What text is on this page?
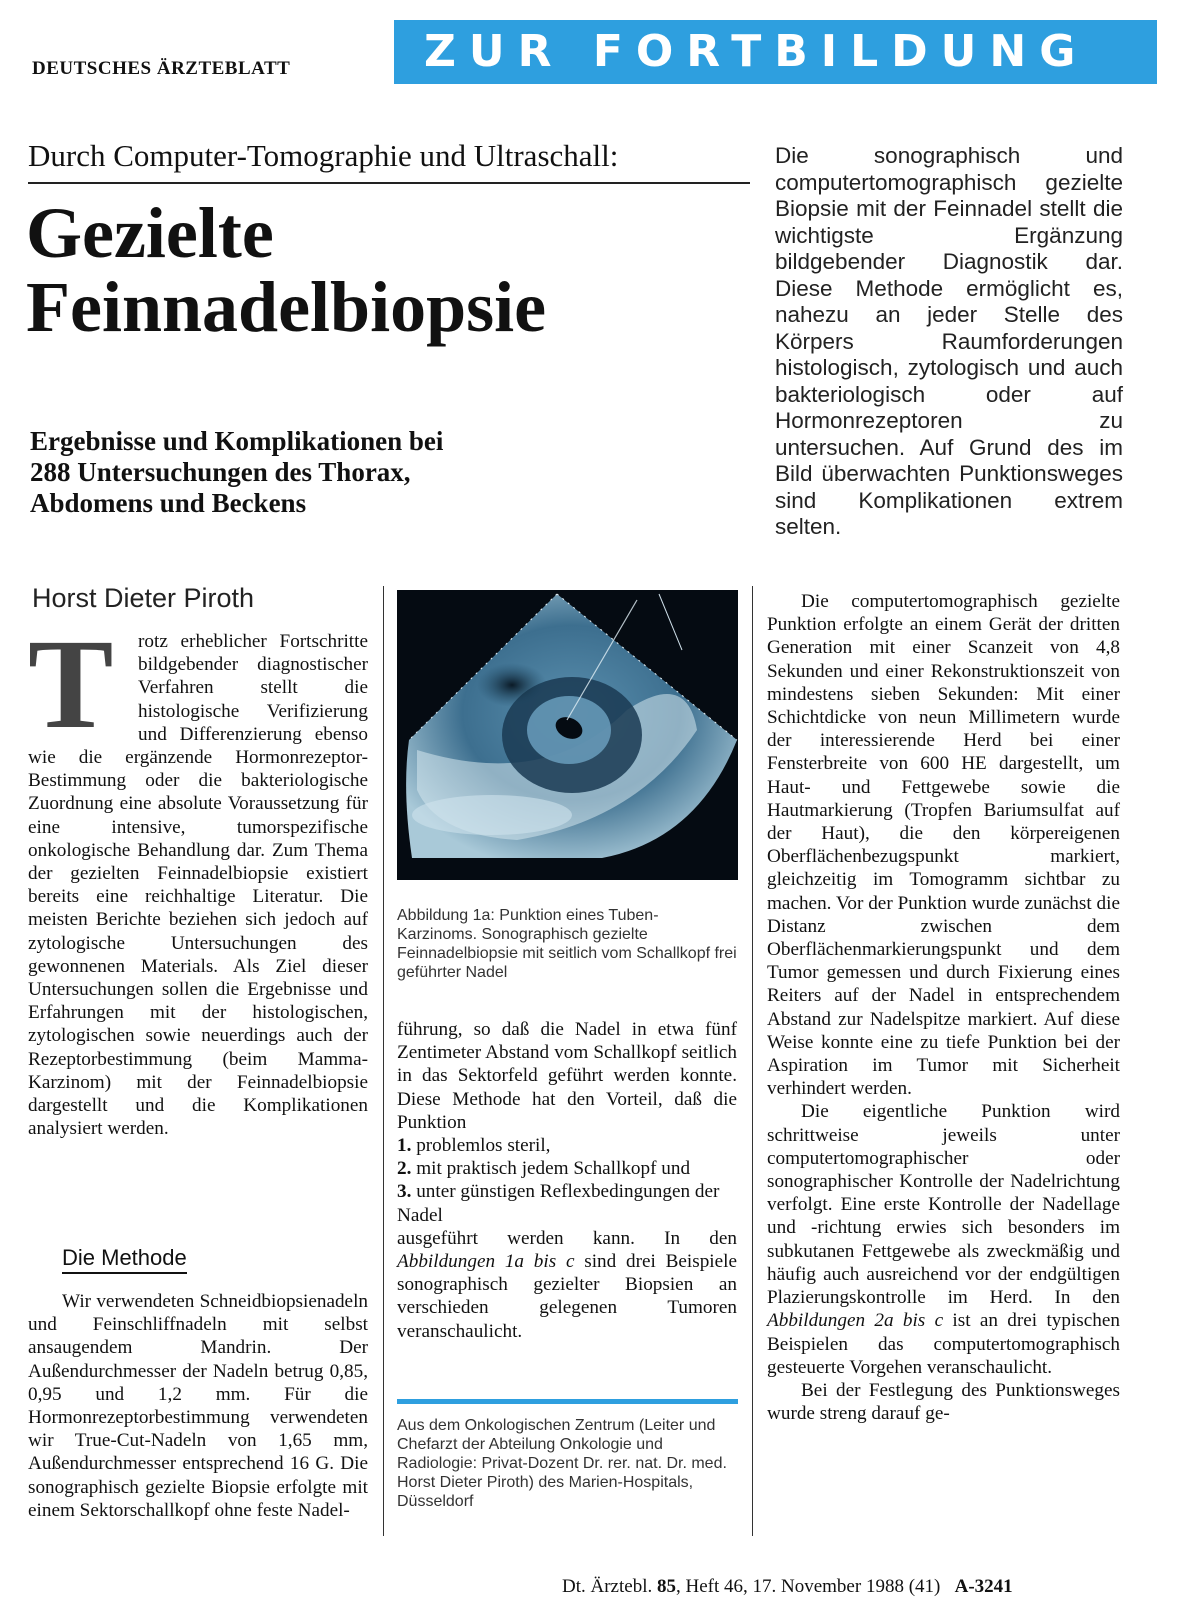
DEUTSCHES ÄRZTEBLATT	ZUR FORTBILDUNG
Durch Computer-Tomographie und Ultraschall:
Gezielte
Feinnadelbiopsie
Ergebnisse und Komplikationen bei 288 Untersuchungen des Thorax, Abdomens und Beckens
Die sonographisch und computertomographisch gezielte Biopsie mit der Feinnadel stellt die wichtigste Ergänzung bildgebender Diagnostik dar. Diese Methode ermöglicht es, nahezu an jeder Stelle des Körpers Raumforderungen histologisch, zytologisch und auch bakteriologisch oder auf Hormonrezeptoren zu untersuchen. Auf Grund des im Bild überwachten Punktionsweges sind Komplikationen extrem selten.
Horst Dieter Piroth
T	rotz erheblicher Fortschritte bildgebender diagnostischer Verfahren stellt die histologische Verifizierung und Differenzierung ebenso wie die ergänzende Hormonrezeptor-Bestimmung oder die bakteriologische Zuordnung eine absolute Voraussetzung für eine intensive, tumorspezifische onkologische Behandlung dar. Zum Thema der gezielten Feinnadelbiopsie existiert bereits eine reichhaltige Literatur. Die meisten Berichte beziehen sich jedoch auf zytologische Untersuchungen des gewonnenen Materials. Als Ziel dieser Untersuchungen sollen die Ergebnisse und Erfahrungen mit der histologischen, zytologischen sowie neuerdings auch der Rezeptorbestimmung (beim Mamma-Karzinom) mit der Feinnadelbiopsie dargestellt und die Komplikationen analysiert werden.

Die Methode

Wir verwendeten Schneidbiopsienadeln und Feinschliffnadeln mit selbst ansaugendem Mandrin. Der Außendurchmesser der Nadeln betrug 0,85, 0,95 und 1,2 mm. Für die Hormonrezeptorbestimmung verwendeten wir True-Cut-Nadeln von 1,65 mm, Außendurchmesser entsprechend 16 G. Die sonographisch gezielte Biopsie erfolgte mit einem Sektorschallkopf ohne feste Nadel-

Abbildung 1a: Punktion eines Tuben-Karzinoms. Sonographisch gezielte Feinnadelbiopsie mit seitlich vom Schallkopf frei geführter Nadel

führung, so daß die Nadel in etwa fünf Zentimeter Abstand vom Schallkopf seitlich in das Sektorfeld geführt werden konnte. Diese Methode hat den Vorteil, daß die Punktion

1. problemlos steril,
2. mit praktisch jedem Schallkopf und
3. unter günstigen Reflexbedingungen der Nadel

ausgeführt werden kann. In den Abbildungen 1a bis c sind drei Beispiele sonographisch gezielter Biopsien an verschieden gelegenen Tumoren veranschaulicht.

Aus dem Onkologischen Zentrum (Leiter und Chefarzt der Abteilung Onkologie und Radiologie: Privat-Dozent Dr. rer. nat. Dr. med. Horst Dieter Piroth) des Marien-Hospitals, Düsseldorf

Die computertomographisch gezielte Punktion erfolgte an einem Gerät der dritten Generation mit einer Scanzeit von 4,8 Sekunden und einer Rekonstruktionszeit von mindestens sieben Sekunden: Mit einer Schichtdicke von neun Millimetern wurde der interessierende Herd bei einer Fensterbreite von 600 HE dargestellt, um Haut- und Fettgewebe sowie die Hautmarkierung (Tropfen Bariumsulfat auf der Haut), die den körpereigenen Oberflächenbezugspunkt markiert, gleichzeitig im Tomogramm sichtbar zu machen. Vor der Punktion wurde zunächst die Distanz zwischen dem Oberflächenmarkierungspunkt und dem Tumor gemessen und durch Fixierung eines Reiters auf der Nadel in entsprechendem Abstand zur Nadelspitze markiert. Auf diese Weise konnte eine zu tiefe Punktion bei der Aspiration im Tumor mit Sicherheit verhindert werden.

Die eigentliche Punktion wird schrittweise jeweils unter computertomographischer oder sonographischer Kontrolle der Nadelrichtung verfolgt. Eine erste Kontrolle der Nadellage und -richtung erwies sich besonders im subkutanen Fettgewebe als zweckmäßig und häufig auch ausreichend vor der endgültigen Plazierungskontrolle im Herd. In den Abbildungen 2a bis c ist an drei typischen Beispielen das computertomographisch gesteuerte Vorgehen veranschaulicht.

Bei der Festlegung des Punktionsweges wurde streng darauf ge-

Dt. Ärztebl. 85, Heft 46, 17. November 1988 (41) A-3241
